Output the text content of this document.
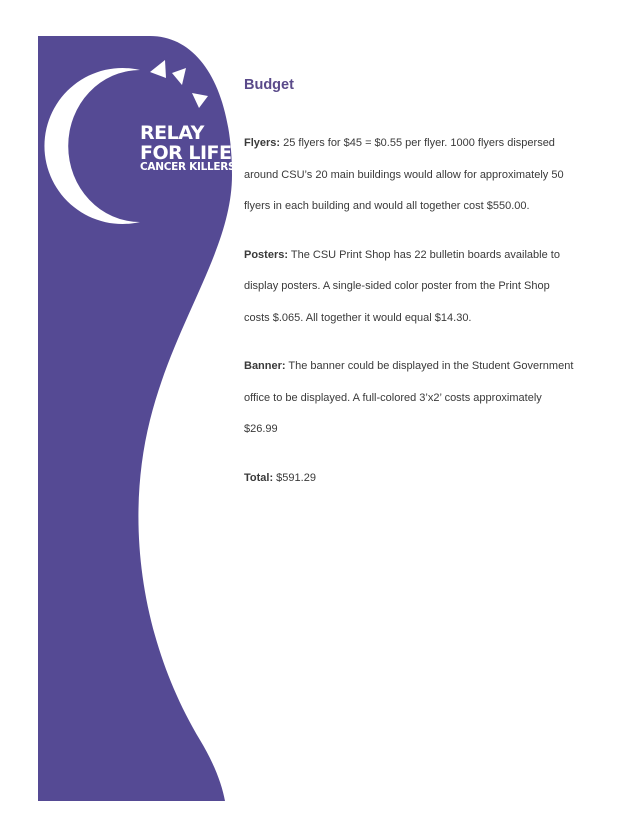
RELAY
FOR LIFE
CANCER KILLERS
Budget

Flyers: 25 flyers for $45 = $0.55 per flyer. 1000 flyers dispersed around CSU’s 20 main buildings would allow for approximately 50 flyers in each building and would all together cost $550.00.

Posters: The CSU Print Shop has 22 bulletin boards available to display posters. A single-sided color poster from the Print Shop costs $.065. All together it would equal $14.30.

Banner: The banner could be displayed in the Student Government office to be displayed. A full-colored 3’x2’ costs approximately $26.99

Total: $591.29
